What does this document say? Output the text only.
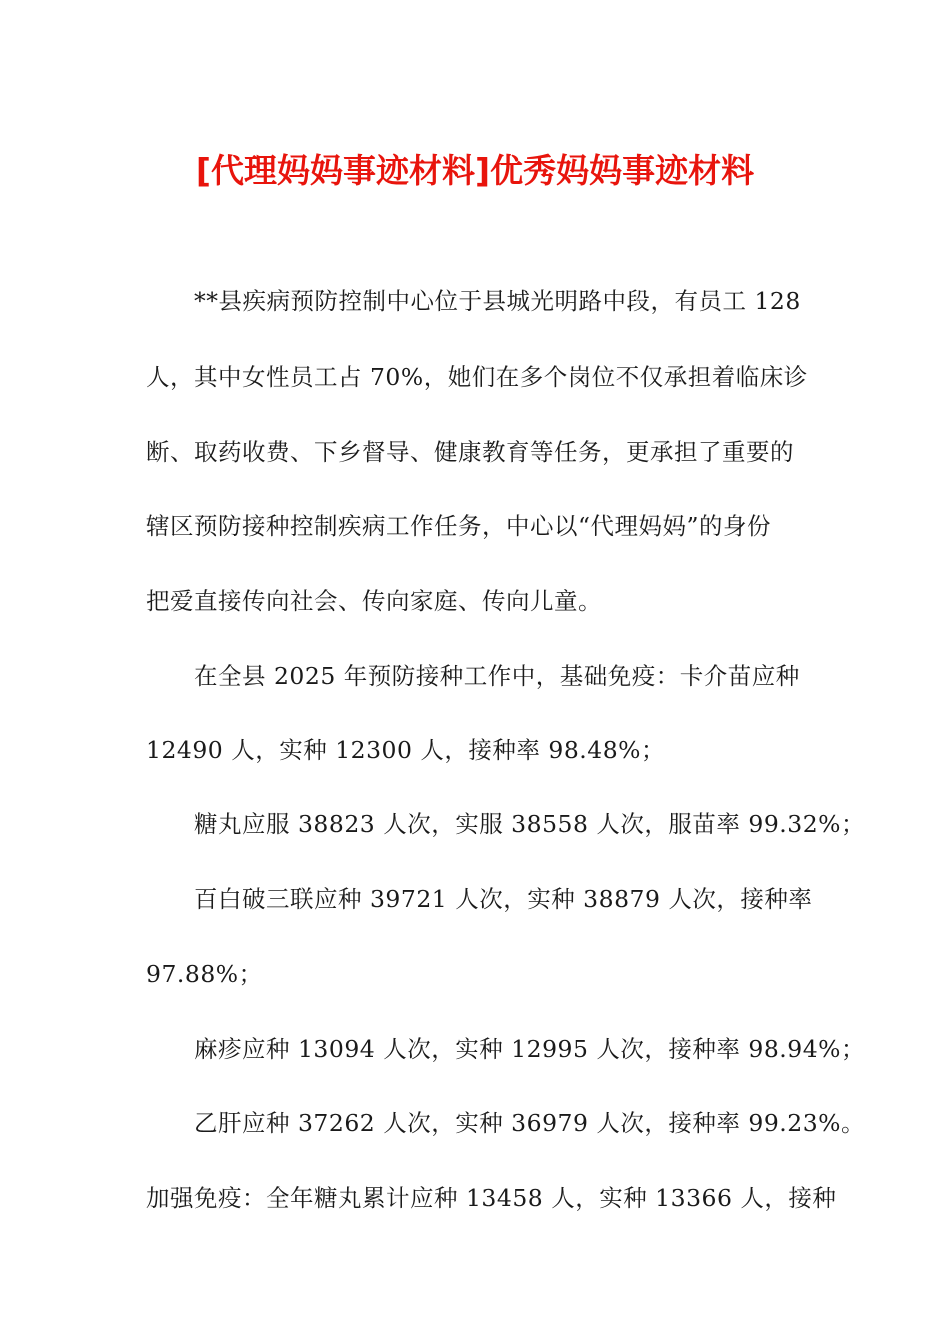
[代理妈妈事迹材料]优秀妈妈事迹材料
**县疾病预防控制中心位于县城光明路中段，有员工 128
人，其中女性员工占 70%，她们在多个岗位不仅承担着临床诊
断、取药收费、下乡督导、健康教育等任务，更承担了重要的
辖区预防接种控制疾病工作任务，中心以“代理妈妈”的身份
把爱直接传向社会、传向家庭、传向儿童。
在全县 2025 年预防接种工作中，基础免疫：卡介苗应种
12490 人，实种 12300 人，接种率 98.48%；
糖丸应服 38823 人次，实服 38558 人次，服苗率 99.32%；
百白破三联应种 39721 人次，实种 38879 人次，接种率
97.88%；
麻疹应种 13094 人次，实种 12995 人次，接种率 98.94%；
乙肝应种 37262 人次，实种 36979 人次，接种率 99.23%。
加强免疫：全年糖丸累计应种 13458 人，实种 13366 人，接种
